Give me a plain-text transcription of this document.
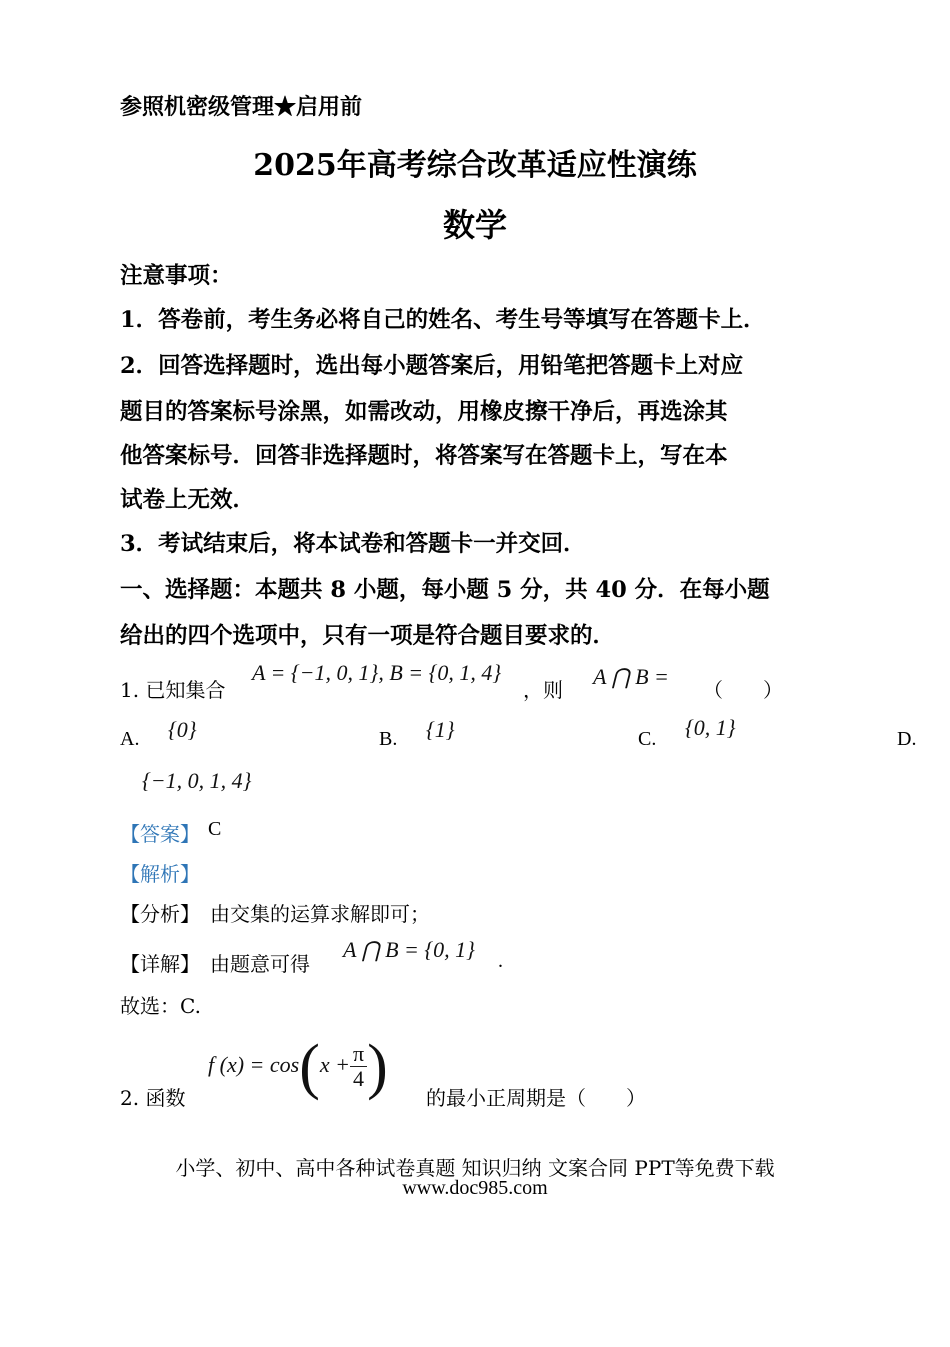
参照机密级管理★启用前
2025年高考综合改革适应性演练
数学
注意事项：
1．答卷前，考生务必将自己的姓名、考生号等填写在答题卡上．
2．回答选择题时，选出每小题答案后，用铅笔把答题卡上对应
题目的答案标号涂黑，如需改动，用橡皮擦干净后，再选涂其
他答案标号．回答非选择题时，将答案写在答题卡上，写在本
试卷上无效．
3．考试结束后，将本试卷和答题卡一并交回．
一、选择题：本题共 8 小题，每小题 5 分，共 40 分．在每小题
给出的四个选项中，只有一项是符合题目要求的．
1. 已知集合
A = {−1, 0, 1}, B = {0, 1, 4}
，则
A ⋂ B =
（　　）
A. {0}	B. {1}	C. {0, 1}	D.
{−1, 0, 1, 4}
【答案】 C
【解析】
【分析】 由交集的运算求解即可；
【详解】 由题意可得
A ⋂ B = {0, 1} .
故选：C.
2. 函数
f $(x) = \cos(x + \frac{\pi}{4}$ ) 的最小正周期是（　　）
小学、初中、高中各种试卷真题 知识归纳 文案合同 PPT等免费下载
www.doc985.com
